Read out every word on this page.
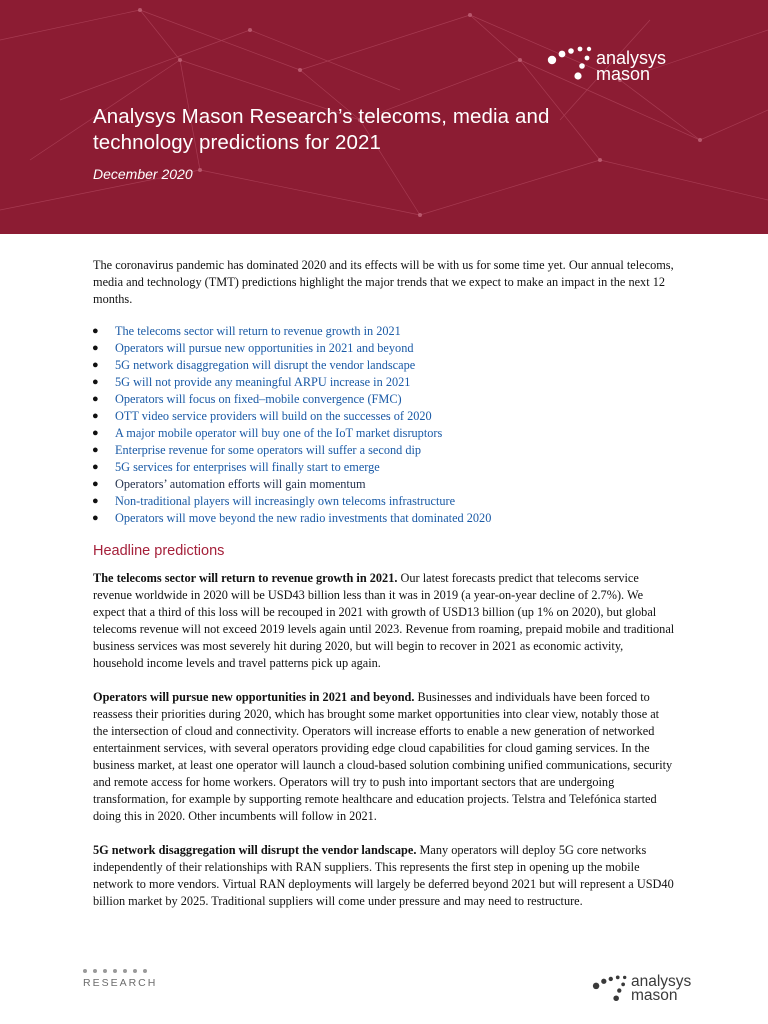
Analysys Mason Research’s telecoms, media and technology predictions for 2021

December 2020

analysys
mason

The coronavirus pandemic has dominated 2020 and its effects will be with us for some time yet. Our annual telecoms, media and technology (TMT) predictions highlight the major trends that we expect to make an impact in the next 12 months.

● The telecoms sector will return to revenue growth in 2021
● Operators will pursue new opportunities in 2021 and beyond
● 5G network disaggregation will disrupt the vendor landscape
● 5G will not provide any meaningful ARPU increase in 2021
● Operators will focus on fixed–mobile convergence (FMC)
● OTT video service providers will build on the successes of 2020
● A major mobile operator will buy one of the IoT market disruptors
● Enterprise revenue for some operators will suffer a second dip
● 5G services for enterprises will finally start to emerge
● Operators’ automation efforts will gain momentum
● Non-traditional players will increasingly own telecoms infrastructure
● Operators will move beyond the new radio investments that dominated 2020
Headline predictions

The telecoms sector will return to revenue growth in 2021. Our latest forecasts predict that telecoms service revenue worldwide in 2020 will be USD43 billion less than it was in 2019 (a year-on-year decline of 2.7%). We expect that a third of this loss will be recouped in 2021 with growth of USD13 billion (up 1% on 2020), but global telecoms revenue will not exceed 2019 levels again until 2023. Revenue from roaming, prepaid mobile and traditional business services was most severely hit during 2020, but will begin to recover in 2021 as economic activity, household income levels and travel patterns pick up again.

Operators will pursue new opportunities in 2021 and beyond. Businesses and individuals have been forced to reassess their priorities during 2020, which has brought some market opportunities into clear view, notably those at the intersection of cloud and connectivity. Operators will increase efforts to enable a new generation of networked entertainment services, with several operators providing edge cloud capabilities for cloud gaming services. In the business market, at least one operator will launch a cloud-based solution combining unified communications, security and remote access for home workers. Operators will try to push into important sectors that are undergoing transformation, for example by supporting remote healthcare and education projects. Telstra and Telefónica started doing this in 2020. Other incumbents will follow in 2021.

5G network disaggregation will disrupt the vendor landscape. Many operators will deploy 5G core networks independently of their relationships with RAN suppliers. This represents the first step in opening up the mobile network to more vendors. Virtual RAN deployments will largely be deferred beyond 2021 but will represent a USD40 billion market by 2025. Traditional suppliers will come under pressure and may need to restructure.

RESEARCH	analysys
mason
